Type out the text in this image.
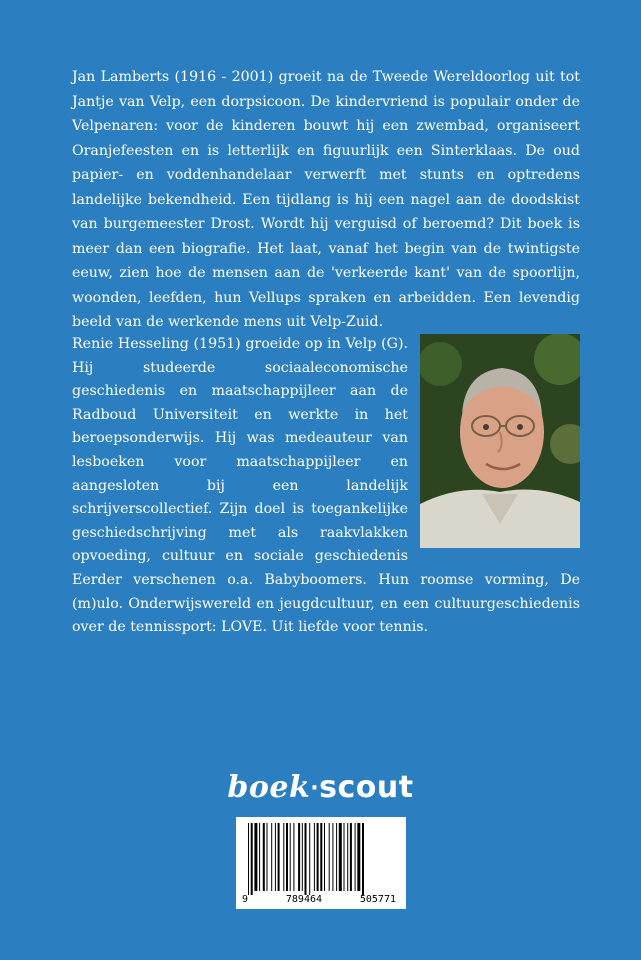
Jan Lamberts (1916 - 2001) groeit na de Tweede Wereldoorlog uit tot Jantje van Velp, een dorpsicoon. De kindervriend is populair onder de Velpenaren: voor de kinderen bouwt hij een zwembad, organiseert Oranjefeesten en is letterlijk en figuurlijk een Sinterklaas. De oud papier- en voddenhandelaar verwerft met stunts en optredens landelijke bekendheid. Een tijdlang is hij een nagel aan de doodskist van burgemeester Drost. Wordt hij verguisd of beroemd? Dit boek is meer dan een biografie. Het laat, vanaf het begin van de twintigste eeuw, zien hoe de mensen aan de 'verkeerde kant' van de spoorlijn, woonden, leefden, hun Vellups spraken en arbeidden. Een levendig beeld van de werkende mens uit Velp-Zuid.

Renie Hesseling (1951) groeide op in Velp (G). Hij studeerde sociaaleconomische geschiedenis en maatschappijleer aan de Radboud Universiteit en werkte in het beroepsonderwijs. Hij was medeauteur van lesboeken voor maatschappijleer en aangesloten bij een landelijk schrijverscollectief. Zijn doel is toegankelijke geschiedschrijving met als raakvlakken opvoeding, cultuur en sociale geschiedenis Eerder verschenen o.a. Babyboomers. Hun roomse vorming, De (m)ulo. Onderwijswereld en jeugdcultuur, en een cultuurgeschiedenis over de tennissport: LOVE. Uit liefde voor tennis.
boek·scout
9	789464	505771
